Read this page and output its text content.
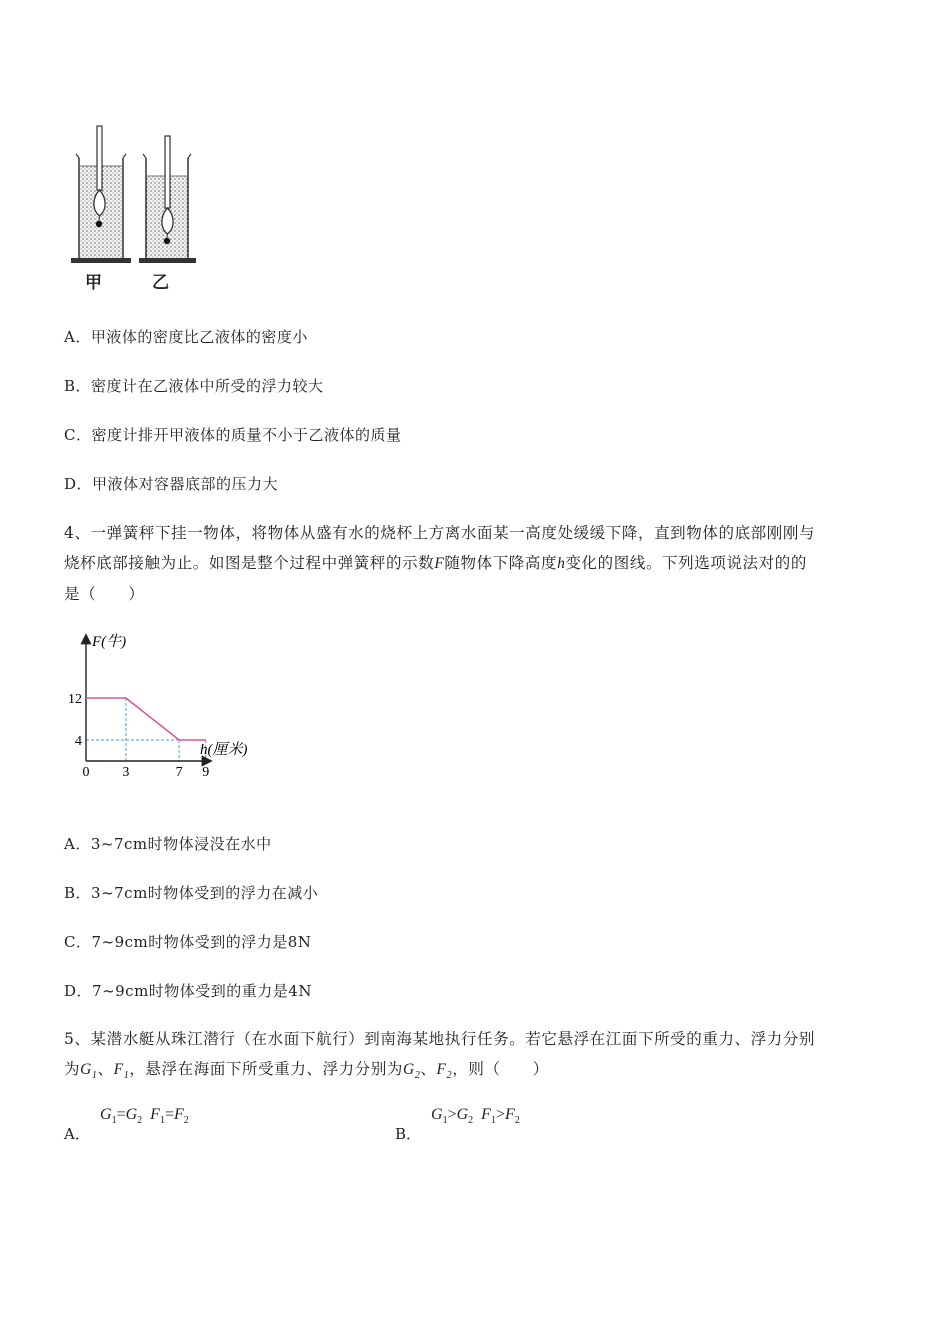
甲	乙
A．甲液体的密度比乙液体的密度小
B．密度计在乙液体中所受的浮力较大
C．密度计排开甲液体的质量不小于乙液体的质量
D．甲液体对容器底部的压力大
4、一弹簧秤下挂一物体，将物体从盛有水的烧杯上方离水面某一高度处缓缓下降，直到物体的底部刚刚与
烧杯底部接触为止。如图是整个过程中弹簧秤的示数F随物体下降高度h变化的图线。下列选项说法对的的
是（　　）
F(牛)
h(厘米)
0 3	7 9
12
4
A．3~7cm时物体浸没在水中
B．3~7cm时物体受到的浮力在减小
C．7~9cm时物体受到的浮力是8N
D．7~9cm时物体受到的重力是4N
5、某潜水艇从珠江潜行（在水面下航行）到南海某地执行任务。若它悬浮在江面下所受的重力、浮力分别
为$G_1$、$F_1$，悬浮在海面下所受重力、浮力分别为$G_2$、$F_2$，则（　　）
A．
$G_1=G_2$ $F_1=F_2$
B．
$G_1>G_2$ $F_1>F_2$
